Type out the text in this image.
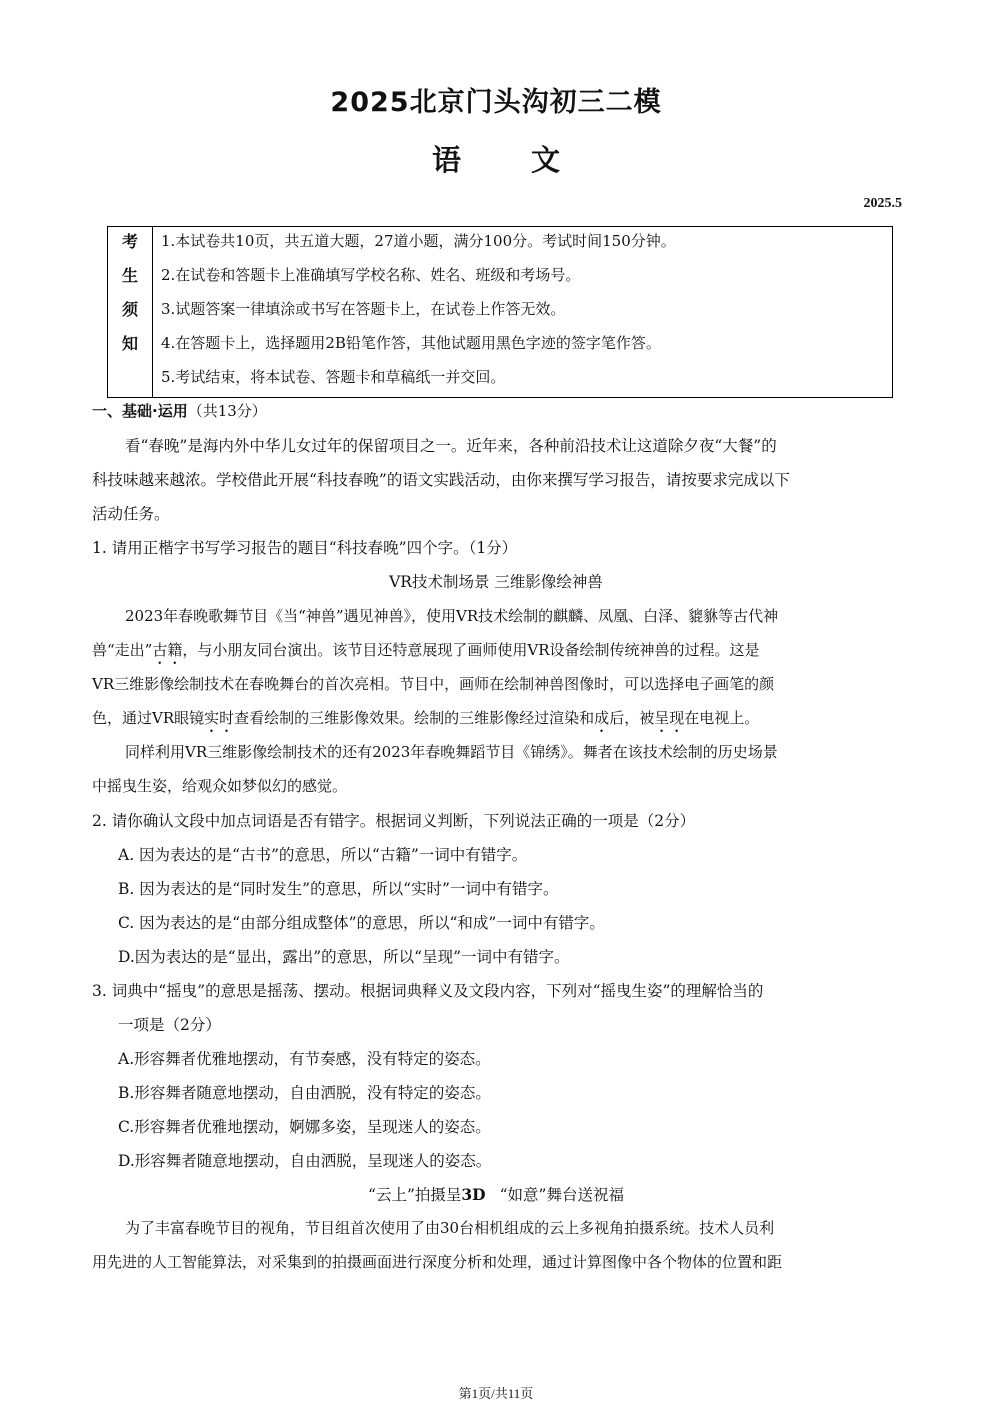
2025北京门头沟初三二模
语 文
2025.5
考
生
须
知
1.本试卷共10页，共五道大题，27道小题，满分100分。考试时间150分钟。
2.在试卷和答题卡上准确填写学校名称、姓名、班级和考场号。
3.试题答案一律填涂或书写在答题卡上，在试卷上作答无效。
4.在答题卡上，选择题用2B铅笔作答，其他试题用黑色字迹的签字笔作答。
5.考试结束，将本试卷、答题卡和草稿纸一并交回。
一、基础·运用（共13分）
看“春晚”是海内外中华儿女过年的保留项目之一。近年来，各种前沿技术让这道除夕夜“大餐”的
科技味越来越浓。学校借此开展“科技春晚”的语文实践活动，由你来撰写学习报告，请按要求完成以下
活动任务。
1. 请用正楷字书写学习报告的题目“科技春晚”四个字。（1分）
VR技术制场景 三维影像绘神兽
2023年春晚歌舞节目《当“神兽”遇见神兽》，使用VR技术绘制的麒麟、凤凰、白泽、貔貅等古代神
兽“走出”古籍，与小朋友同台演出。该节目还特意展现了画师使用VR设备绘制传统神兽的过程。这是
VR三维影像绘制技术在春晚舞台的首次亮相。节目中，画师在绘制神兽图像时，可以选择电子画笔的颜
色，通过VR眼镜实时查看绘制的三维影像效果。绘制的三维影像经过渲染和成后，被呈现在电视上。
同样利用VR三维影像绘制技术的还有2023年春晚舞蹈节目《锦绣》。舞者在该技术绘制的历史场景
中摇曳生姿，给观众如梦似幻的感觉。
2. 请你确认文段中加点词语是否有错字。根据词义判断，下列说法正确的一项是（2分）
A. 因为表达的是“古书”的意思，所以“古籍”一词中有错字。
B. 因为表达的是“同时发生”的意思，所以“实时”一词中有错字。
C. 因为表达的是“由部分组成整体”的意思，所以“和成”一词中有错字。
D.因为表达的是“显出，露出”的意思，所以“呈现”一词中有错字。
3. 词典中“摇曳”的意思是摇荡、摆动。根据词典释义及文段内容，下列对“摇曳生姿”的理解恰当的
一项是（2分）
A.形容舞者优雅地摆动，有节奏感，没有特定的姿态。
B.形容舞者随意地摆动，自由洒脱，没有特定的姿态。
C.形容舞者优雅地摆动，婀娜多姿，呈现迷人的姿态。
D.形容舞者随意地摆动，自由洒脱，呈现迷人的姿态。
“云上”拍摄呈3D “如意”舞台送祝福
为了丰富春晚节目的视角，节目组首次使用了由30台相机组成的云上多视角拍摄系统。技术人员利
用先进的人工智能算法，对采集到的拍摄画面进行深度分析和处理，通过计算图像中各个物体的位置和距
第1页/共11页
